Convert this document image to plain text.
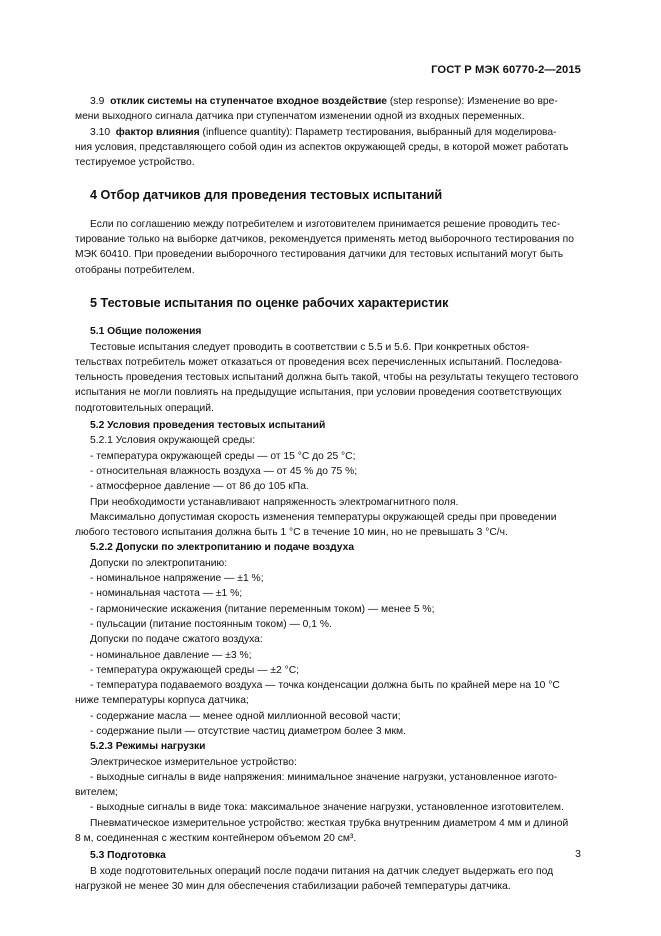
ГОСТ Р МЭК 60770-2—2015
3.9 отклик системы на ступенчатое входное воздействие (step response): Изменение во вре-
мени выходного сигнала датчика при ступенчатом изменении одной из входных переменных.
3.10 фактор влияния (influence quantity): Параметр тестирования, выбранный для моделирова-
ния условия, представляющего собой один из аспектов окружающей среды, в которой может работать
тестируемое устройство.
4 Отбор датчиков для проведения тестовых испытаний
Если по соглашению между потребителем и изготовителем принимается решение проводить тес-
тирование только на выборке датчиков, рекомендуется применять метод выборочного тестирования по
МЭК 60410. При проведении выборочного тестирования датчики для тестовых испытаний могут быть
отобраны потребителем.
5 Тестовые испытания по оценке рабочих характеристик
5.1 Общие положения
Тестовые испытания следует проводить в соответствии с 5.5 и 5.6. При конкретных обстоя-
тельствах потребитель может отказаться от проведения всех перечисленных испытаний. Последова-
тельность проведения тестовых испытаний должна быть такой, чтобы на результаты текущего тестового
испытания не могли повлиять на предыдущие испытания, при условии проведения соответствующих
подготовительных операций.
5.2 Условия проведения тестовых испытаний
5.2.1 Условия окружающей среды:
- температура окружающей среды — от 15 °С до 25 °С;
- относительная влажность воздуха — от 45 % до 75 %;
- атмосферное давление — от 86 до 105 кПа.
При необходимости устанавливают напряженность электромагнитного поля.
Максимально допустимая скорость изменения температуры окружающей среды при проведении
любого тестового испытания должна быть 1 °С в течение 10 мин, но не превышать 3 °С/ч.
5.2.2 Допуски по электропитанию и подаче воздуха
Допуски по электропитанию:
- номинальное напряжение — ±1 %;
- номинальная частота — ±1 %;
- гармонические искажения (питание переменным током) — менее 5 %;
- пульсации (питание постоянным током) — 0,1 %.
Допуски по подаче сжатого воздуха:
- номинальное давление — ±3 %;
- температура окружающей среды — ±2 °С;
- температура подаваемого воздуха — точка конденсации должна быть по крайней мере на 10 °С
ниже температуры корпуса датчика;
- содержание масла — менее одной миллионной весовой части;
- содержание пыли — отсутствие частиц диаметром более 3 мкм.
5.2.3 Режимы нагрузки
Электрическое измерительное устройство:
- выходные сигналы в виде напряжения: минимальное значение нагрузки, установленное изгото-
вителем;
- выходные сигналы в виде тока: максимальное значение нагрузки, установленное изготовителем.
Пневматическое измерительное устройство: жесткая трубка внутренним диаметром 4 мм и длиной
8 м, соединенная с жестким контейнером объемом 20 см³.
5.3 Подготовка
В ходе подготовительных операций после подачи питания на датчик следует выдержать его под
нагрузкой не менее 30 мин для обеспечения стабилизации рабочей температуры датчика.
3
